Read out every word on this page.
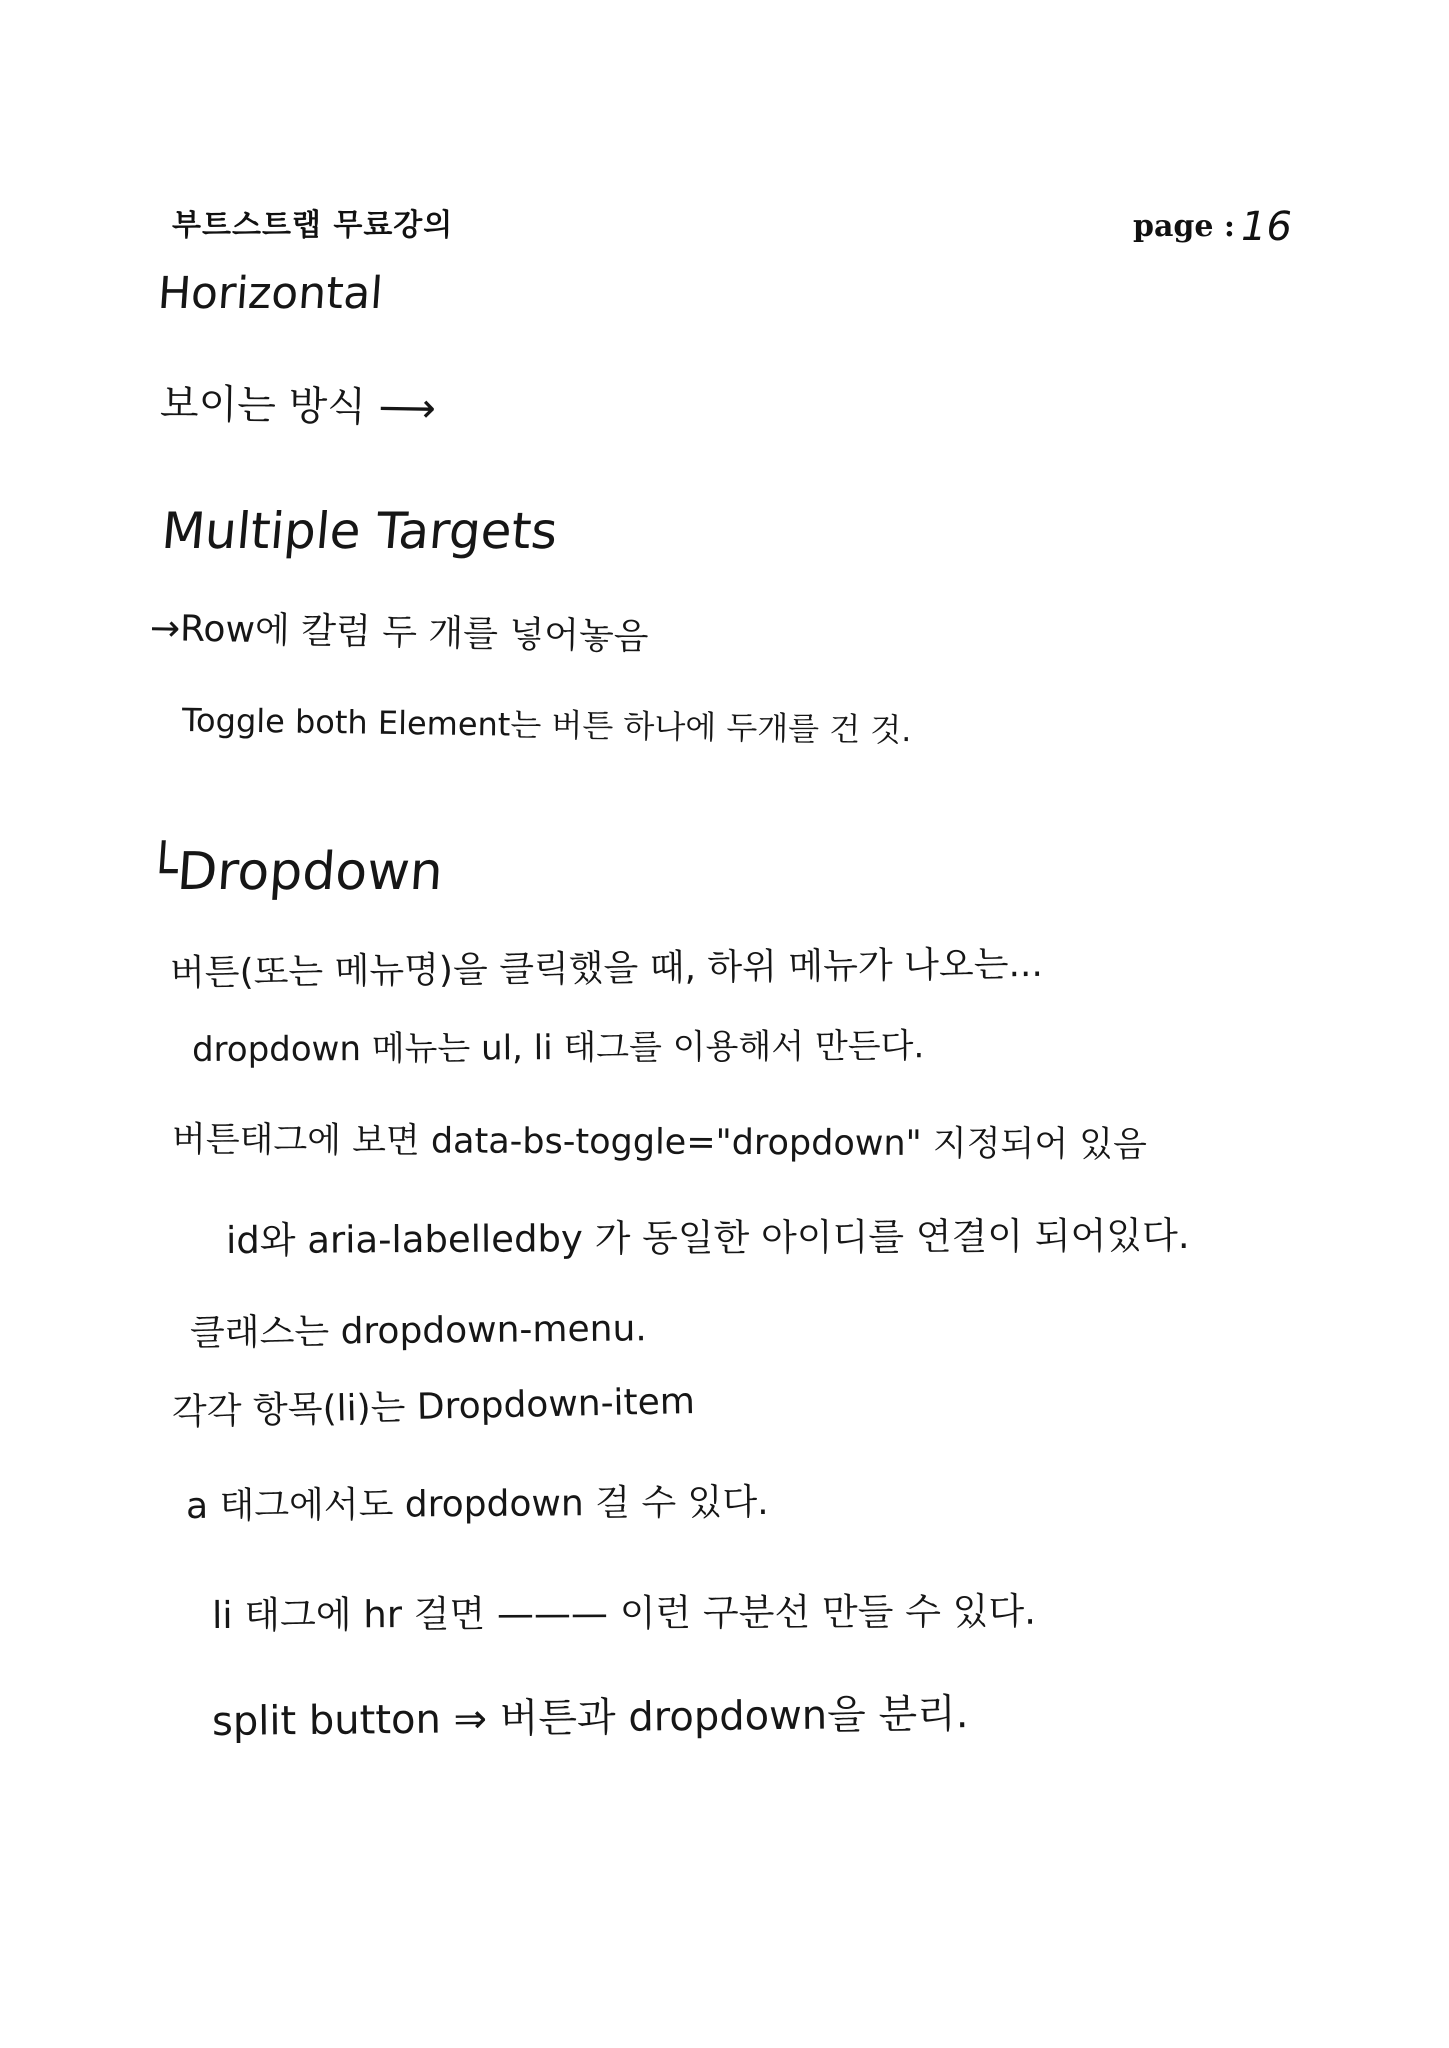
부트스트랩 무료강의	page : 16
Horizontal
보이는 방식 ⟶
Multiple Targets
→Row에 칼럼 두 개를 넣어놓음
Toggle both Element는 버튼 하나에 두개를 건 것.
└Dropdown
버튼(또는 메뉴명)을 클릭했을 때, 하위 메뉴가 나오는...
dropdown 메뉴는 ul, li 태그를 이용해서 만든다.
버튼태그에 보면 data-bs-toggle="dropdown" 지정되어 있음
id와 aria-labelledby 가 동일한 아이디를 연결이 되어있다.
클래스는 dropdown-menu.
각각 항목(li)는 Dropdown-item
a 태그에서도 dropdown 걸 수 있다.
li 태그에 hr 걸면 ——— 이런 구분선 만들 수 있다.
split button ⇒ 버튼과 dropdown을 분리.
